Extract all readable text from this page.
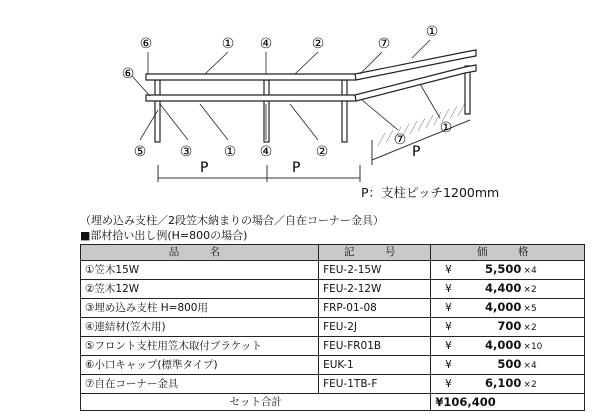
⑥	① ④	②	⑦
①
⑥
⑤ ③ ① ④	②
⑦
①
P	P
P
P：支柱ピッチ1200mm
（埋め込み支柱／2段笠木納まりの場合／自在コーナー金具）
■部材拾い出し例(H=800の場合)
品　名	記　号	価　格
①笠木15W	FEU-2-15W	¥ 5,500 ×4
②笠木12W	FEU-2-12W	¥ 4,400 ×2
③埋め込み支柱 H=800用	FRP-01-08	¥ 4,000 ×5
④連結材(笠木用)	FEU-2J	¥ 700 ×2
⑤フロント支柱用笠木取付ブラケット	FEU-FR01B	¥ 4,000 ×10
⑥小口キャップ(標準タイプ)	EUK-1	¥ 500 ×4
⑦自在コーナー金具	FEU-1TB-F	¥ 6,100 ×2
セット合計		¥106,400
